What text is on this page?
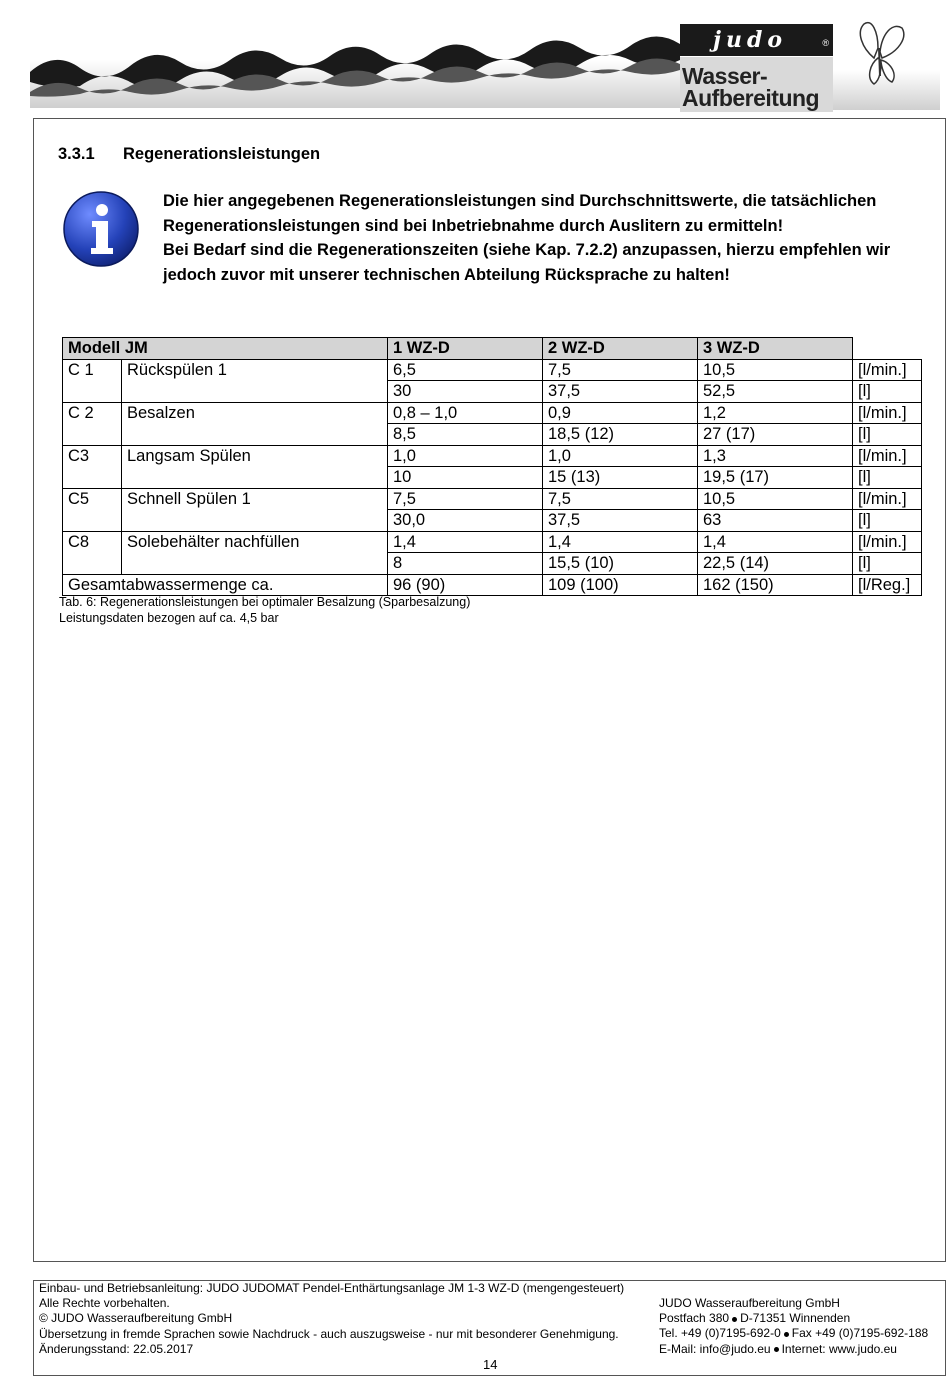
judo	®
Wasser-
Aufbereitung
3.3.1 Regenerationsleistungen

Die hier angegebenen Regenerationsleistungen sind Durchschnittswerte, die tatsächlichen Regenerationsleistungen sind bei Inbetriebnahme durch Auslitern zu ermitteln!

Bei Bedarf sind die Regenerationszeiten (siehe Kap. 7.2.2) anzupassen, hierzu empfehlen wir jedoch zuvor mit unserer technischen Abteilung Rücksprache zu halten!

Modell JM		1 WZ-D	2 WZ-D	3 WZ-D	
C 1	Rückspülen 1	6,5	7,5	10,5	[l/min.]
		30	37,5	52,5	[l]
C 2	Besalzen	0,8 – 1,0	0,9	1,2	[l/min.]
		8,5	18,5 (12)	27 (17)	[l]
C3	Langsam Spülen	1,0	1,0	1,3	[l/min.]
		10	15 (13)	19,5 (17)	[l]
C5	Schnell Spülen 1	7,5	7,5	10,5	[l/min.]
		30,0	37,5	63	[l]
C8	Solebehälter nachfüllen	1,4	1,4	1,4	[l/min.]
		8	15,5 (10)	22,5 (14)	[l]
Gesamtabwassermenge ca.		96 (90)	109 (100)	162 (150)	[l/Reg.]
Tab. 6: Regenerationsleistungen bei optimaler Besalzung (Sparbesalzung)
Leistungsdaten bezogen auf ca. 4,5 bar
Einbau- und Betriebsanleitung: JUDO JUDOMAT Pendel-Enthärtungsanlage JM 1-3 WZ-D (mengengesteuert)
Alle Rechte vorbehalten.
© JUDO Wasseraufbereitung GmbH
Übersetzung in fremde Sprachen sowie Nachdruck - auch auszugsweise - nur mit besonderer Genehmigung.
Änderungsstand: 22.05.2017
JUDO Wasseraufbereitung GmbH
Postfach 380 D-71351 Winnenden
Tel. +49 (0)7195-692-0 Fax +49 (0)7195-692-188
E-Mail: info@judo.eu Internet: www.judo.eu
14
